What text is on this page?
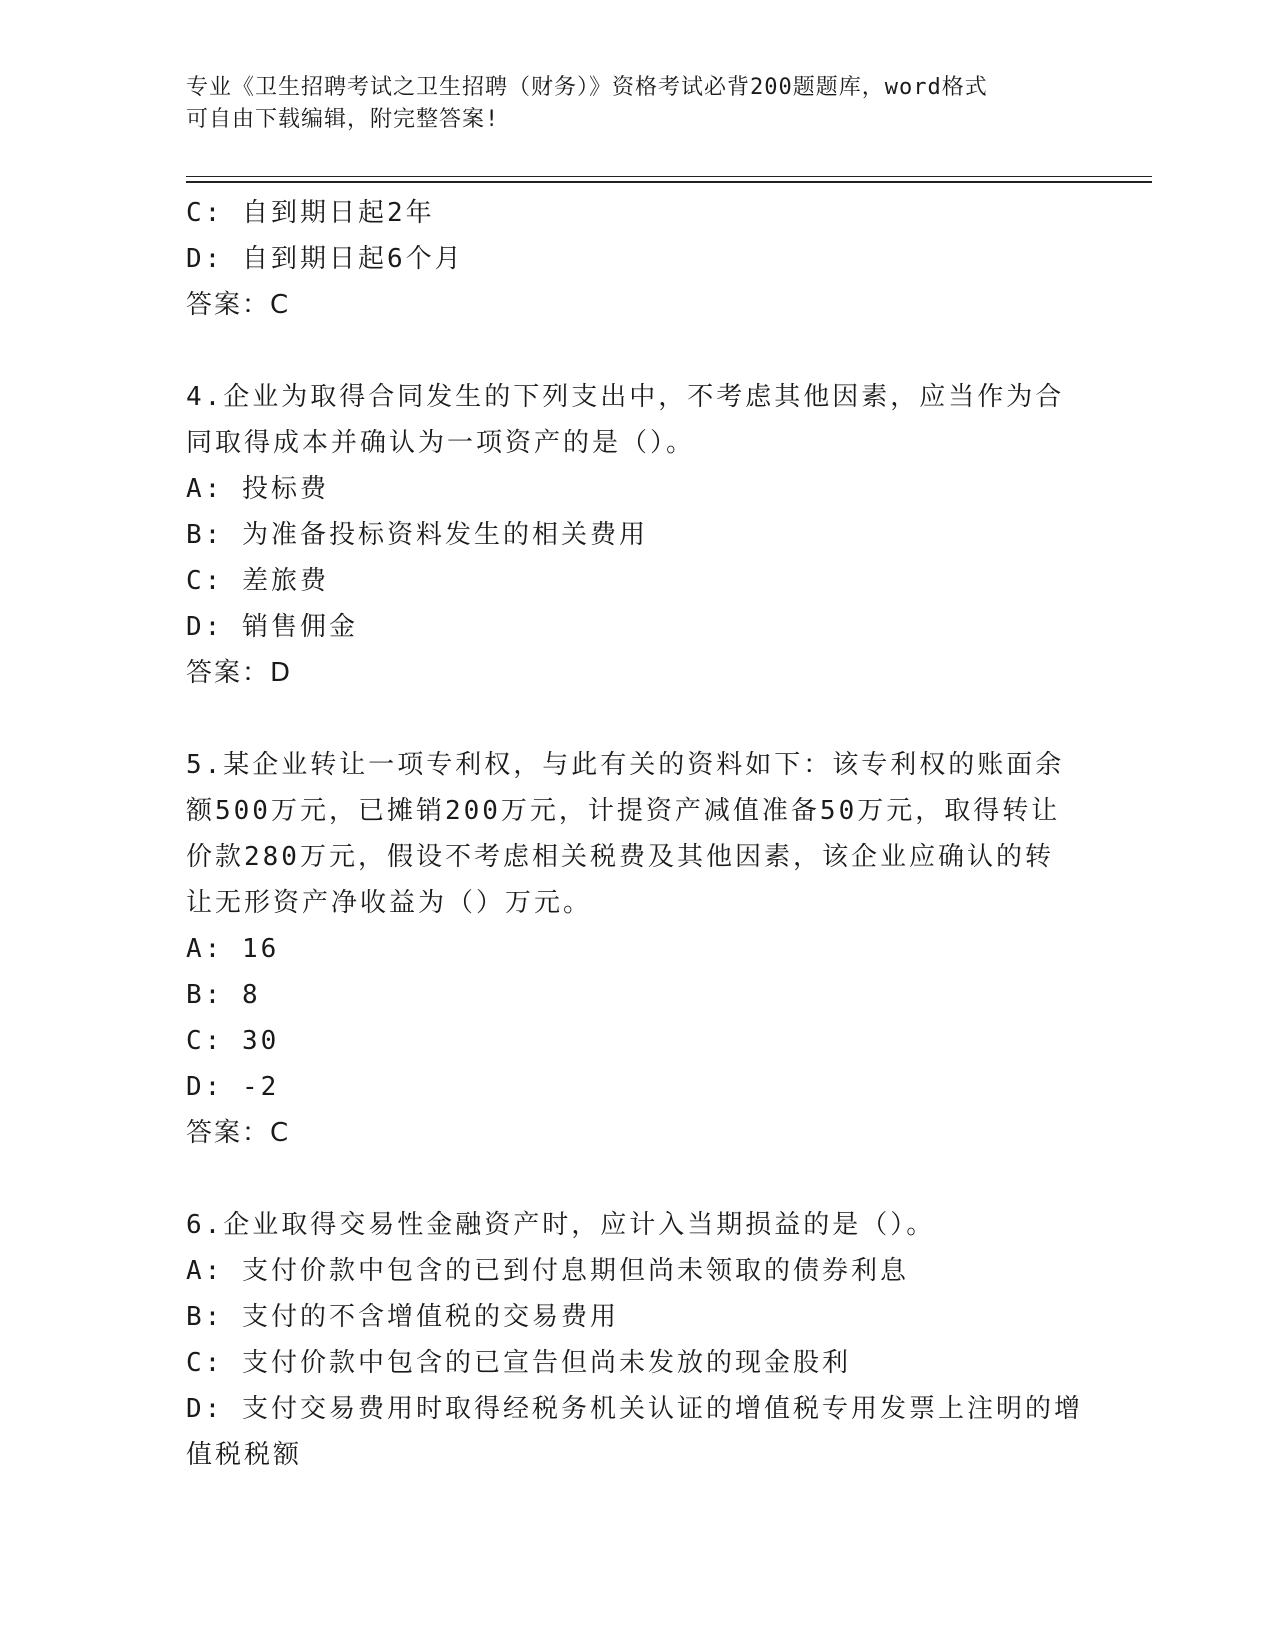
专业《卫生招聘考试之卫生招聘（财务）》资格考试必背200题题库，word格式
可自由下载编辑，附完整答案!
C: 自到期日起2年
D: 自到期日起6个月
答案：C
4.企业为取得合同发生的下列支出中，不考虑其他因素，应当作为合
同取得成本并确认为一项资产的是（）。
A: 投标费
B: 为准备投标资料发生的相关费用
C: 差旅费
D: 销售佣金
答案：D
5.某企业转让一项专利权，与此有关的资料如下：该专利权的账面余
额500万元，已摊销200万元，计提资产减值准备50万元，取得转让
价款280万元，假设不考虑相关税费及其他因素，该企业应确认的转
让无形资产净收益为（）万元。
A: 16
B: 8
C: 30
D: -2
答案：C
6.企业取得交易性金融资产时，应计入当期损益的是（）。
A: 支付价款中包含的已到付息期但尚未领取的债券利息
B: 支付的不含增值税的交易费用
C: 支付价款中包含的已宣告但尚未发放的现金股利
D: 支付交易费用时取得经税务机关认证的增值税专用发票上注明的增
值税税额
